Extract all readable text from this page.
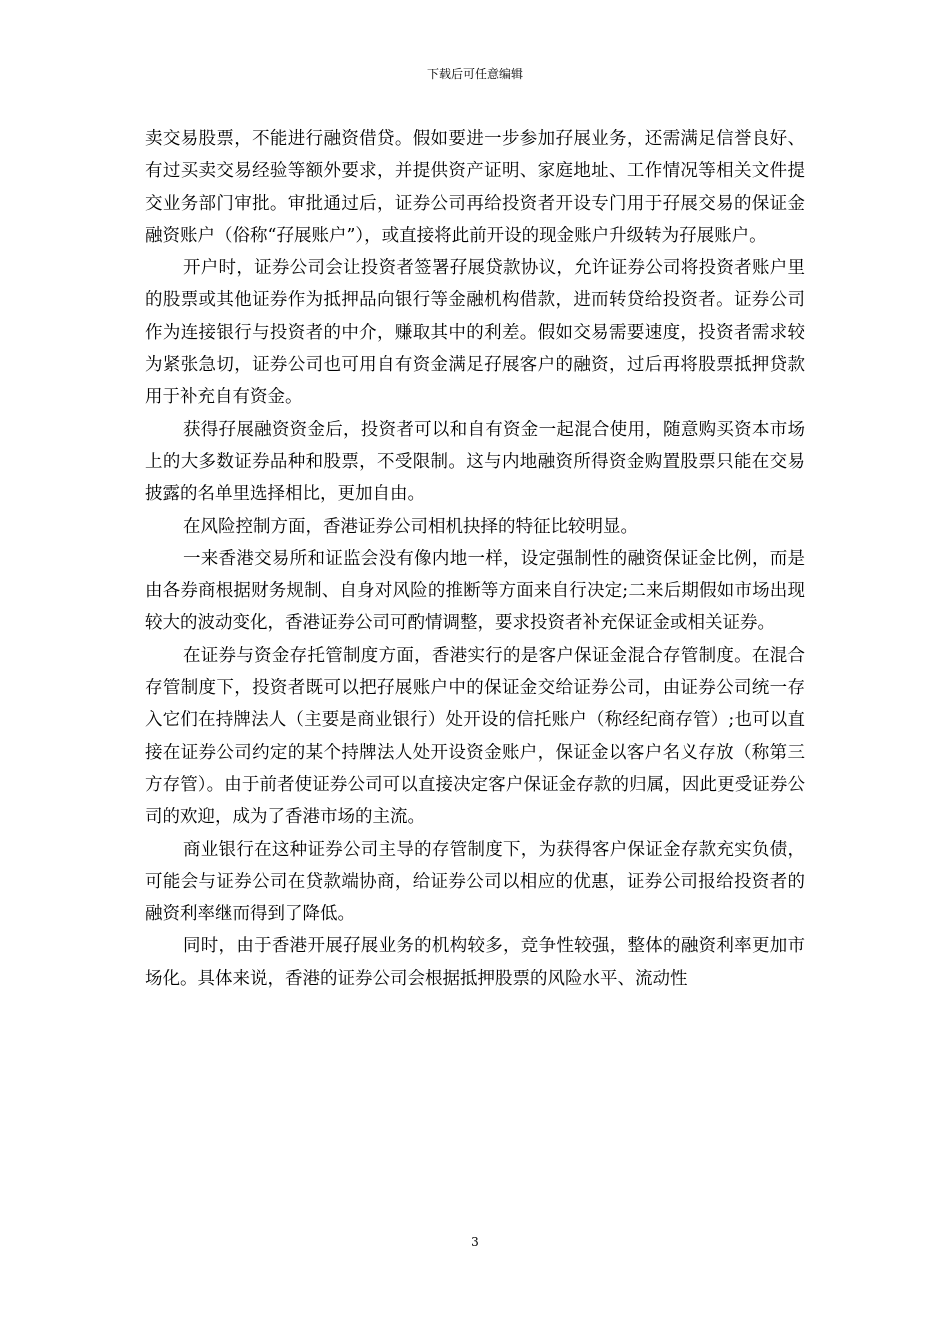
下载后可任意编辑

卖交易股票，不能进行融资借贷。假如要进一步参加孖展业务，还需满足信誉良好、有过买卖交易经验等额外要求，并提供资产证明、家庭地址、工作情况等相关文件提交业务部门审批。审批通过后，证券公司再给投资者开设专门用于孖展交易的保证金融资账户（俗称“孖展账户”），或直接将此前开设的现金账户升级转为孖展账户。

开户时，证券公司会让投资者签署孖展贷款协议，允许证券公司将投资者账户里的股票或其他证券作为抵押品向银行等金融机构借款，进而转贷给投资者。证券公司作为连接银行与投资者的中介，赚取其中的利差。假如交易需要速度，投资者需求较为紧张急切，证券公司也可用自有资金满足孖展客户的融资，过后再将股票抵押贷款用于补充自有资金。

获得孖展融资资金后，投资者可以和自有资金一起混合使用，随意购买资本市场上的大多数证券品种和股票，不受限制。这与内地融资所得资金购置股票只能在交易披露的名单里选择相比，更加自由。

在风险控制方面，香港证券公司相机抉择的特征比较明显。

一来香港交易所和证监会没有像内地一样，设定强制性的融资保证金比例，而是由各券商根据财务规制、自身对风险的推断等方面来自行决定;二来后期假如市场出现较大的波动变化，香港证券公司可酌情调整，要求投资者补充保证金或相关证券。

在证券与资金存托管制度方面，香港实行的是客户保证金混合存管制度。在混合存管制度下，投资者既可以把孖展账户中的保证金交给证券公司，由证券公司统一存入它们在持牌法人（主要是商业银行）处开设的信托账户（称经纪商存管）;也可以直接在证券公司约定的某个持牌法人处开设资金账户，保证金以客户名义存放（称第三方存管）。由于前者使证券公司可以直接决定客户保证金存款的归属，因此更受证券公司的欢迎，成为了香港市场的主流。

商业银行在这种证券公司主导的存管制度下，为获得客户保证金存款充实负债，可能会与证券公司在贷款端协商，给证券公司以相应的优惠，证券公司报给投资者的融资利率继而得到了降低。

同时，由于香港开展孖展业务的机构较多，竞争性较强，整体的融资利率更加市场化。具体来说，香港的证券公司会根据抵押股票的风险水平、流动性

3
